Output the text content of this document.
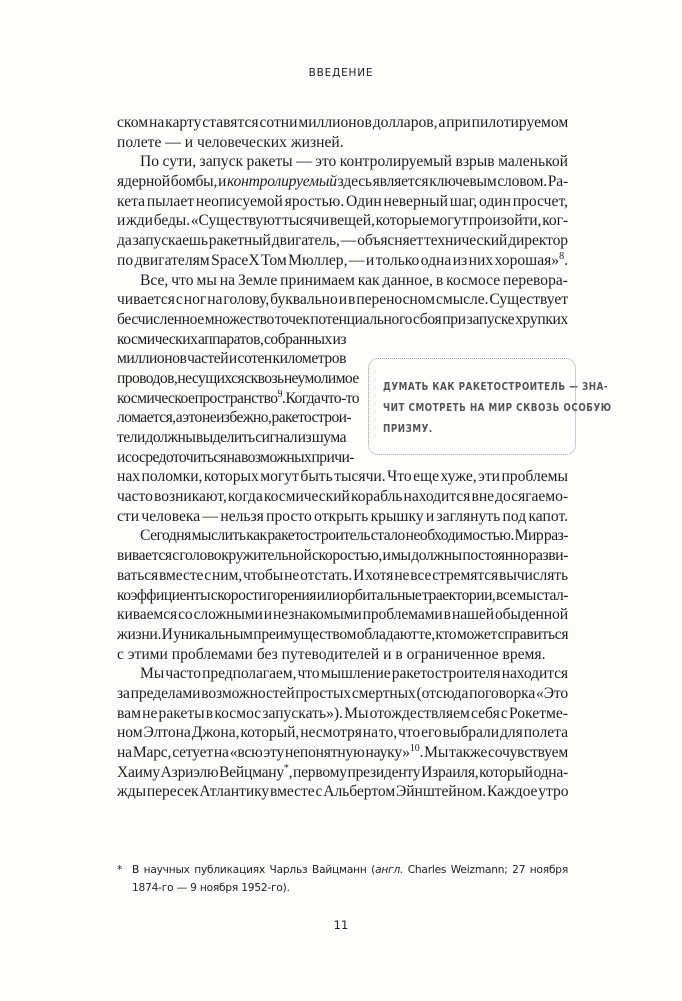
ВВЕДЕНИЕ
ском на карту ставятся сотни миллионов долларов, а при пилотируемом
полете — и человеческих жизней.
По сути, запуск ракеты — это контролируемый взрыв маленькой
ядерной бомбы, и контролируемый здесь является ключевым словом. Ра-
кета пылает неописуемой яростью. Один неверный шаг, один просчет,
и жди беды. «Существуют тысячи вещей, которые могут произойти, ког-
да запускаешь ракетный двигатель, — объясняет технический директор
по двигателям SpaceX Том Мюллер, — и только одна из них хорошая»$^8$.
Все, что мы на Земле принимаем как данное, в космосе перевора-
чивается с ног на голову, буквально и в переносном смысле. Существует
бесчисленное множество точек потенциального сбоя при запуске хрупких
космических аппаратов, собранных из
миллионов частей и сотен километров
проводов, несущихся сквозь неумолимое
космическое пространство$^9$. Когда что-то
ломается, а это неизбежно, ракетострои-
тели должны выделить сигнал из шума
и сосредоточиться на возможных причи-
нах поломки, которых могут быть тысячи. Что еще хуже, эти проблемы
часто возникают, когда космический корабль находится вне досягаемо-
сти человека — нельзя просто открыть крышку и заглянуть под капот.
Сегодня мыслить как ракетостроитель стало необходимостью. Мир раз-
вивается с головокружительной скоростью, и мы должны постоянно разви-
ваться вместе с ним, чтобы не отстать. И хотя не все стремятся вычислять
коэффициенты скорости горения или орбитальные траектории, все мы стал-
киваемся со сложными и незнакомыми проблемами в нашей обыденной
жизни. И уникальным преимуществом обладают те, кто может справиться
с этими проблемами без путеводителей и в ограниченное время.
Мы часто предполагаем, что мышление ракетостроителя находится
за пределами возможностей простых смертных (отсюда поговорка «Это
вам не ракеты в космос запускать»). Мы отождествляем себя с Рокетме-
ном Элтона Джона, который, несмотря на то, что его выбрали для полета
на Марс, сетует на «всю эту непонятную науку»$^{10}$. Мы также сочувствуем
Хаиму Азриэлю Вейцману*, первому президенту Израиля, который одна-
жды пересек Атлантику вместе с Альбертом Эйнштейном. Каждое утро
ДУМАТЬ КАК РАКЕТОСТРОИТЕЛЬ — ЗНА-
ЧИТ СМОТРЕТЬ НА МИР СКВОЗЬ ОСОБУЮ
ПРИЗМУ.
* В научных публикациях Чарльз Вайцманн (англ. Charles Weizmann; 27 ноября 1874-го — 9 ноября 1952-го).
11
